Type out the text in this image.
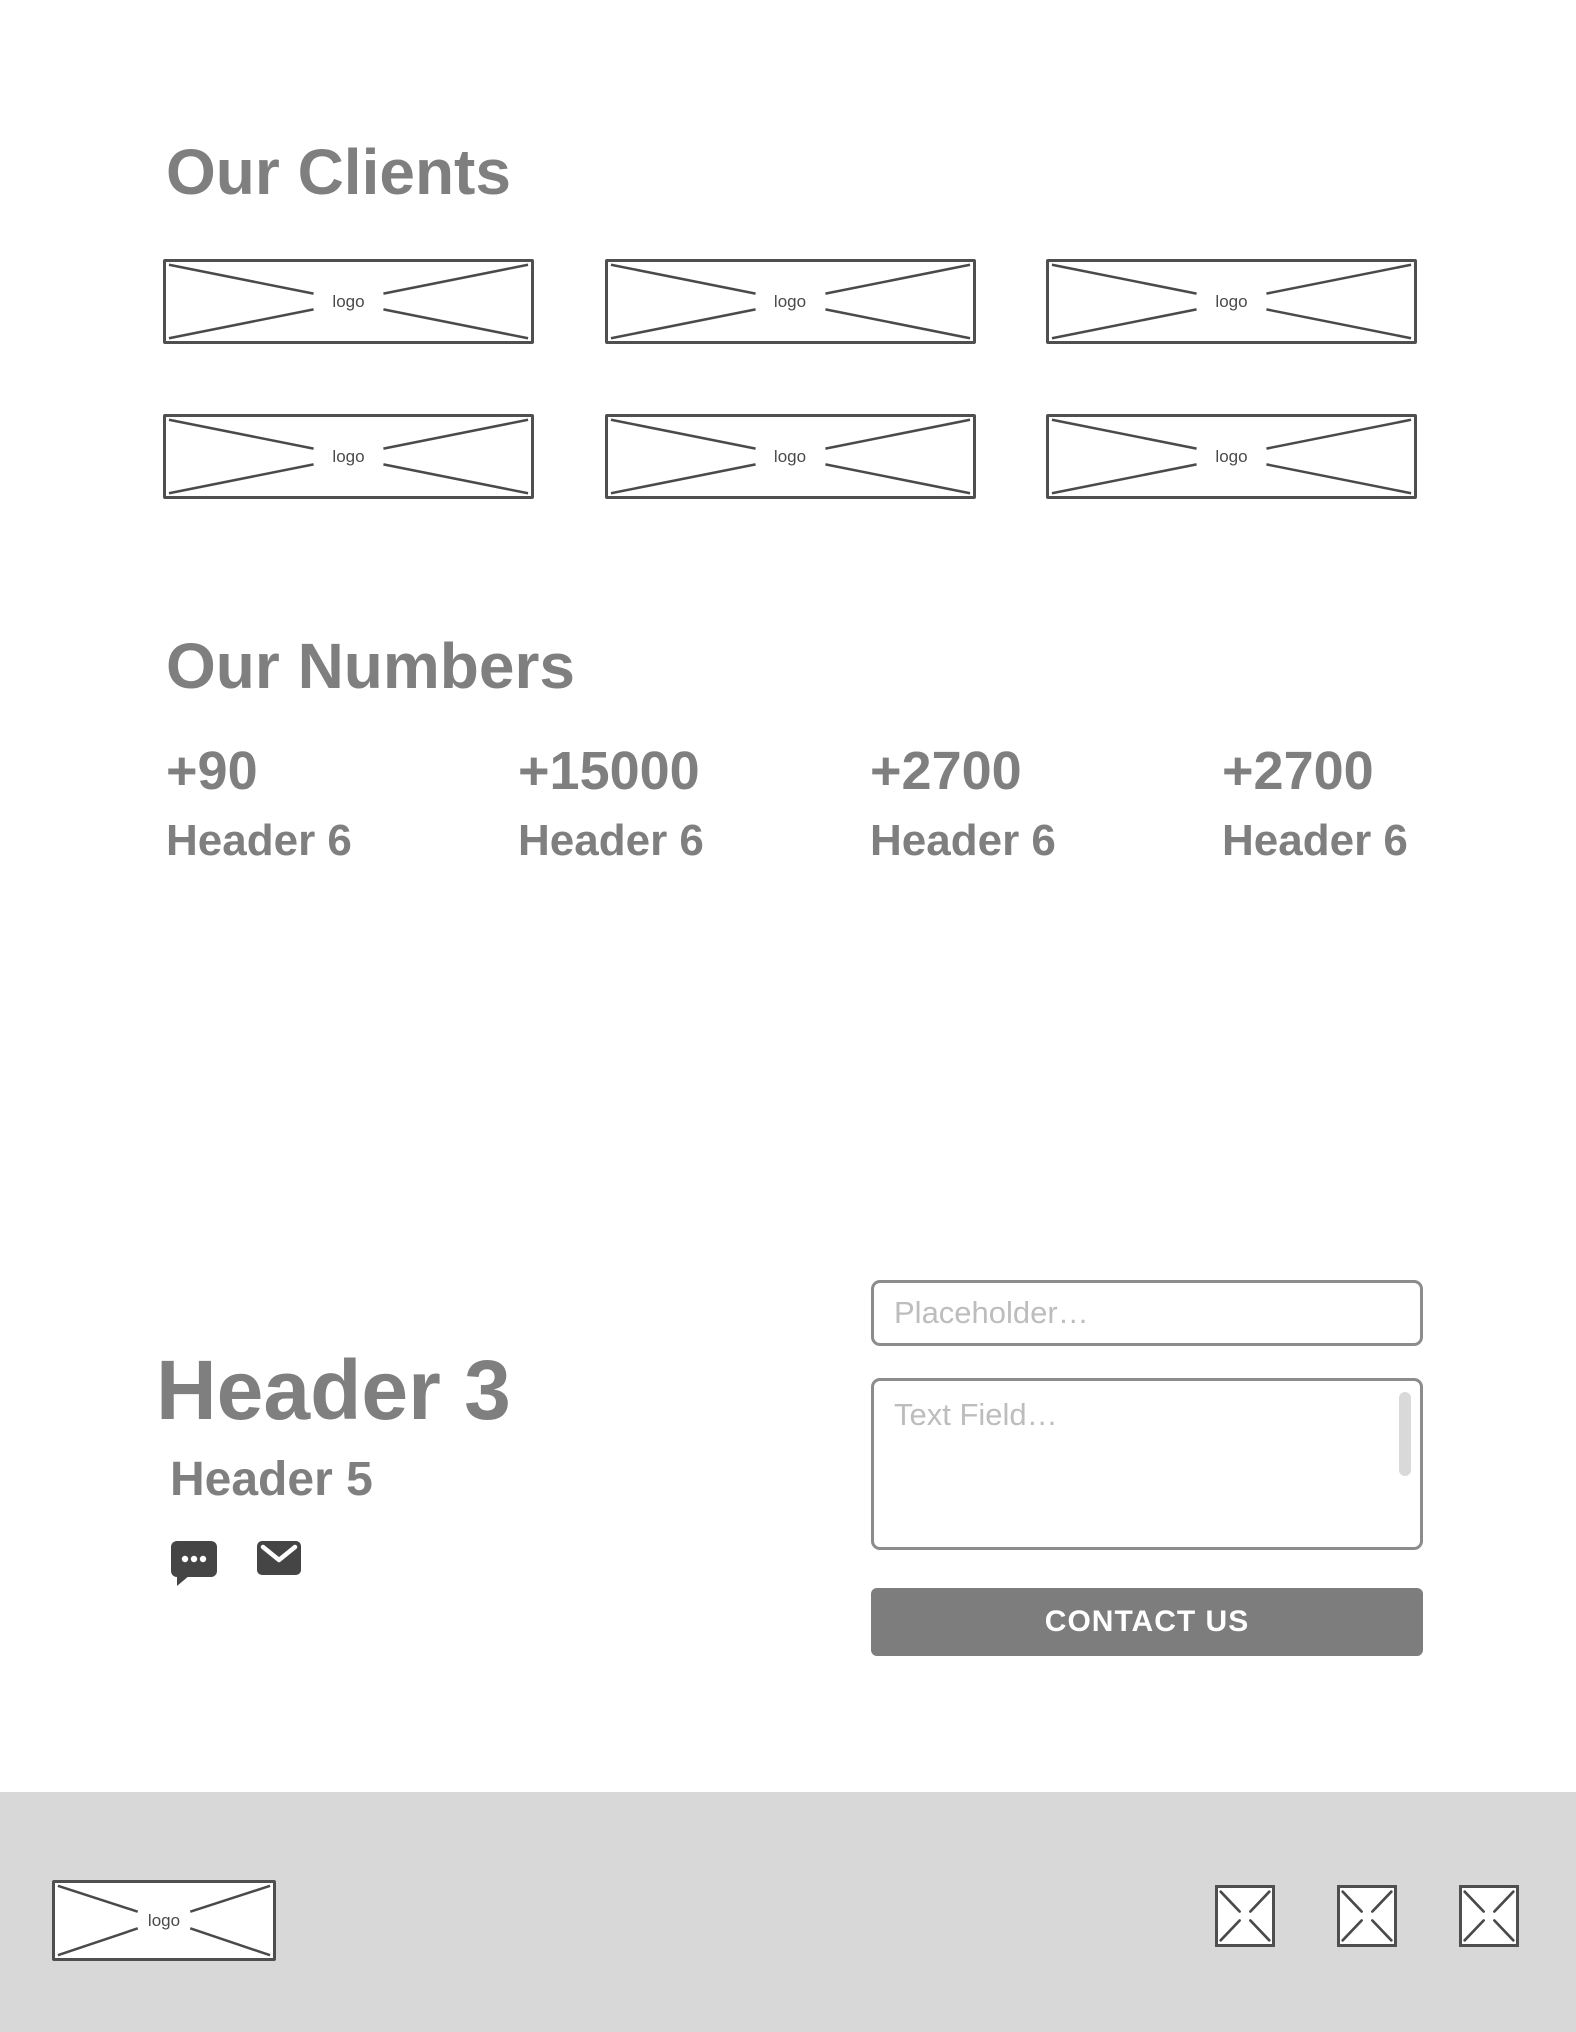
Our Clients
logo	logo	logo
logo	logo	logo
Our Numbers
+90
Header 6
+15000
Header 6
+2700
Header 6
+2700
Header 6
Header 3
Header 5
Placeholder…
Text Field…
CONTACT US
logo
